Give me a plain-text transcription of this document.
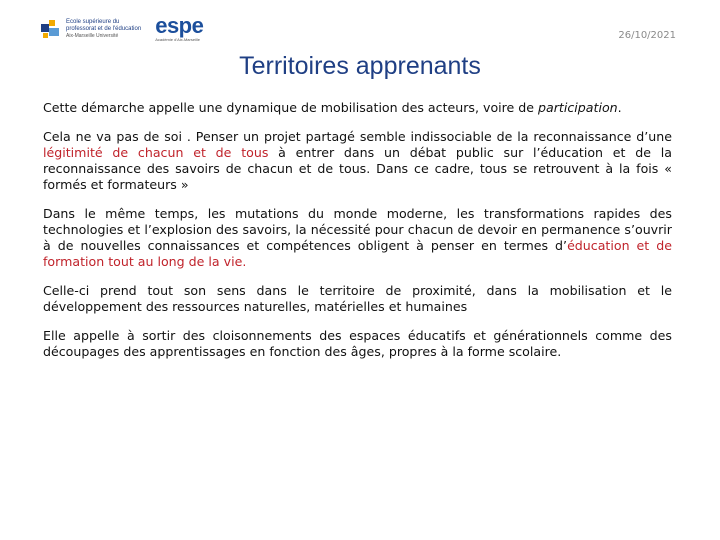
Ecole supérieure du
professorat et de l'éducation
Aix-Marseille Université	espe
Académie d'Aix-Marseille	26/10/2021
Territoires apprenants

Cette démarche appelle une dynamique de mobilisation des acteurs, voire de participation.

Cela ne va pas de soi . Penser un projet partagé semble indissociable de la reconnaissance d’une légitimité de chacun et de tous à entrer dans un débat public sur l’éducation et de la reconnaissance des savoirs de chacun et de tous. Dans ce cadre, tous se retrouvent à la fois « formés et formateurs »

Dans le même temps, les mutations du monde moderne, les transformations rapides des technologies et l’explosion des savoirs, la nécessité pour chacun de devoir en permanence s’ouvrir à de nouvelles connaissances et compétences obligent à penser en termes d’éducation et de formation tout au long de la vie.

Celle-ci prend tout son sens dans le territoire de proximité, dans la mobilisation et le développement des ressources naturelles, matérielles et humaines

Elle appelle à sortir des cloisonnements des espaces éducatifs et générationnels comme des découpages des apprentissages en fonction des âges, propres à la forme scolaire.
